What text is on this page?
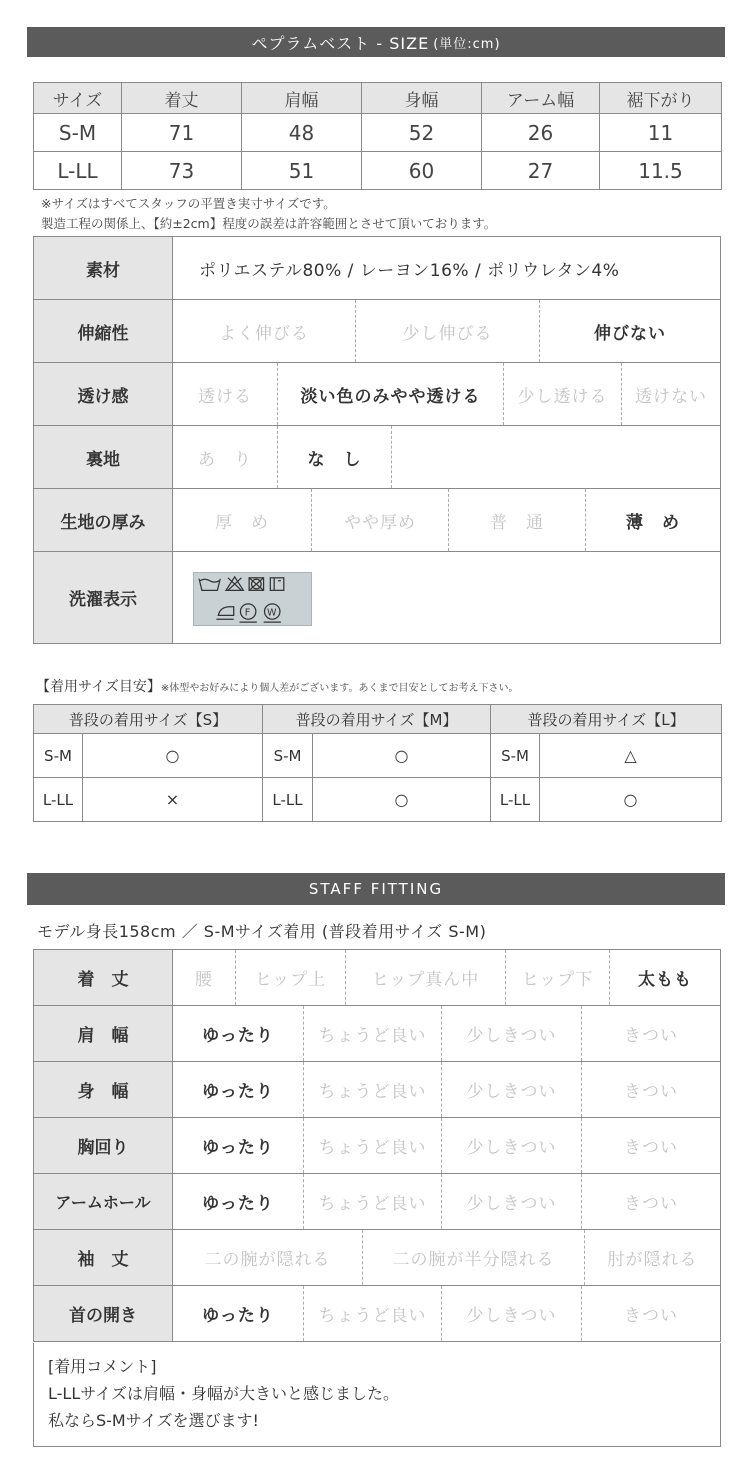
ペプラムベスト - SIZE (単位:cm)
サイズ	着丈	肩幅	身幅	アーム幅	裾下がり
S-M	71	48	52	26	11
L-LL	73	51	60	27	11.5
※サイズはすべてスタッフの平置き実寸サイズです。
製造工程の関係上、【約±2cm】程度の誤差は許容範囲とさせて頂いております。
素材	ポリエステル80% / レーヨン16% / ポリウレタン4%
伸縮性	よく伸びる 少し伸びる 伸びない

透け感	透ける 淡い色のみやや透ける 少し透ける 透けない

裏地	あ　り な　し

生地の厚み	厚　め やや厚め 普　通 薄　め

洗濯表示	
F W
【着用サイズ目安】※体型やお好みにより個人差がございます。あくまで目安としてお考え下さい。
普段の着用サイズ【S】		普段の着用サイズ【M】		普段の着用サイズ【L】	
S-M	○	S-M	○	S-M	△
L-LL	×	L-LL	○	L-LL	○
STAFF FITTING
モデル身長158cm ／ S-Mサイズ着用 (普段着用サイズ S-M)
着　丈	腰 ヒップ上 ヒップ真ん中 ヒップ下 太もも

肩　幅	ゆったり ちょうど良い 少しきつい きつい

身　幅	ゆったり ちょうど良い 少しきつい きつい

胸回り	ゆったり ちょうど良い 少しきつい きつい

アームホール	ゆったり ちょうど良い 少しきつい きつい

袖　丈	二の腕が隠れる 二の腕が半分隠れる 肘が隠れる

首の開き	ゆったり ちょうど良い 少しきつい きつい
[着用コメント]
L-LLサイズは肩幅・身幅が大きいと感じました。
私ならS-Mサイズを選びます!
